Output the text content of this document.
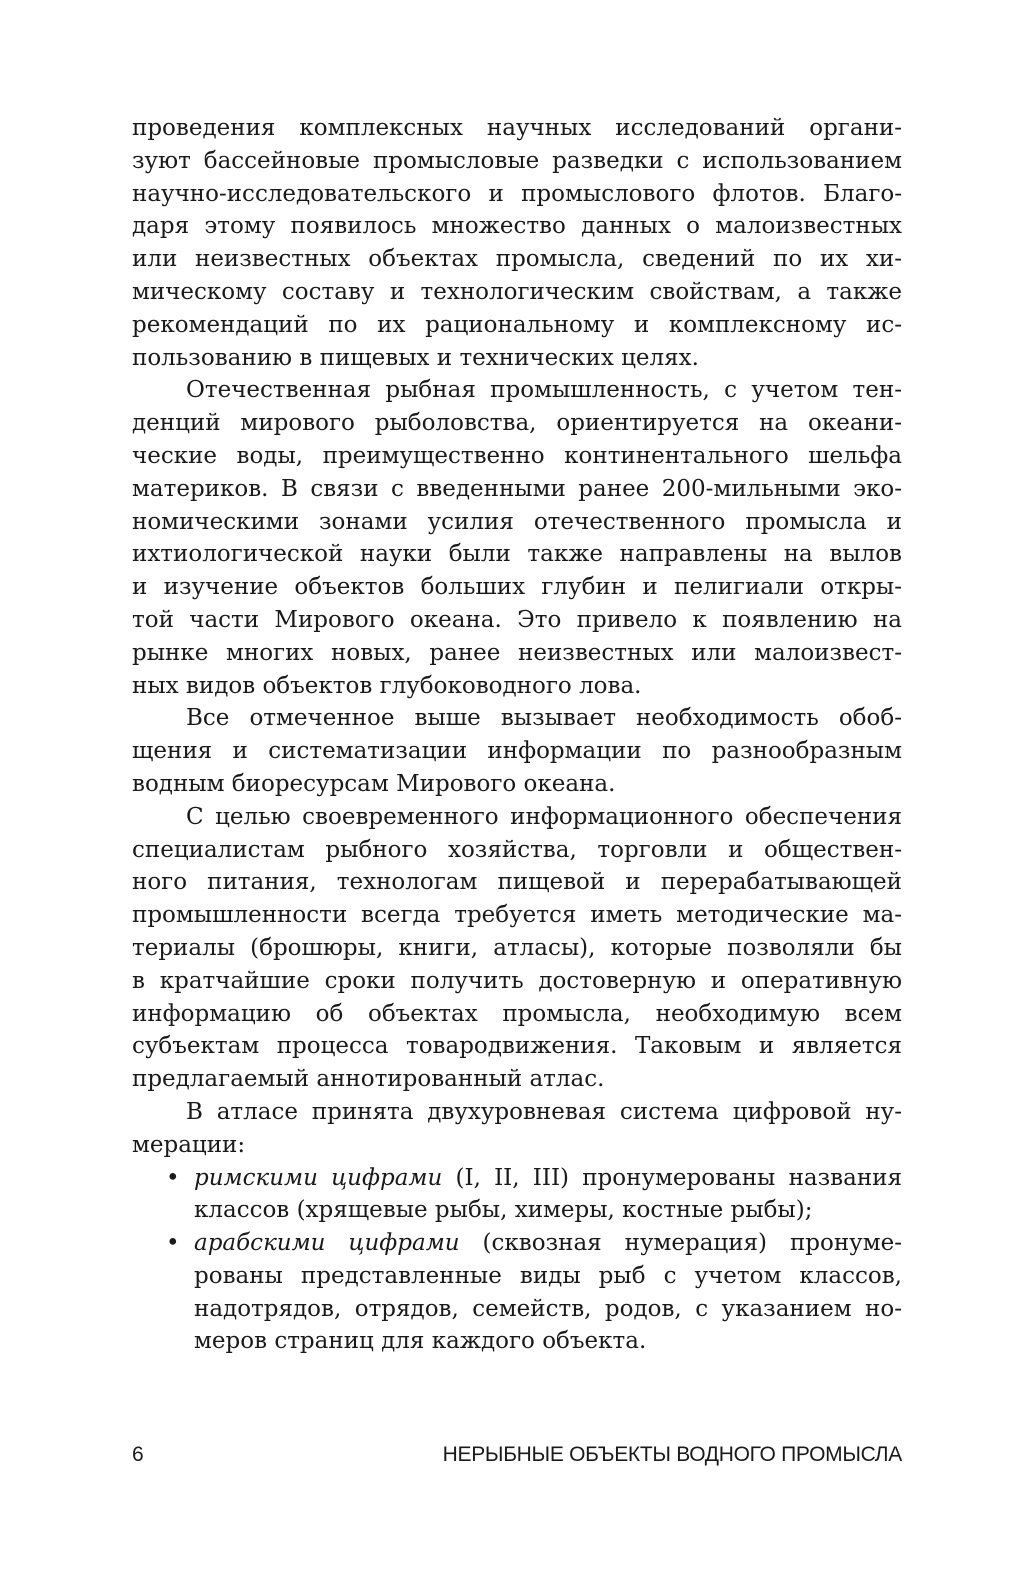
проведения комплексных научных исследований органи-
зуют бассейновые промысловые разведки с использованием
научно-исследовательского и промыслового флотов. Благо-
даря этому появилось множество данных о малоизвестных
или неизвестных объектах промысла, сведений по их хи-
мическому составу и технологическим свойствам, а также
рекомендаций по их рациональному и комплексному ис-
пользованию в пищевых и технических целях.
Отечественная рыбная промышленность, с учетом тен-
денций мирового рыболовства, ориентируется на океани-
ческие воды, преимущественно континентального шельфа
материков. В связи с введенными ранее 200-мильными эко-
номическими зонами усилия отечественного промысла и
ихтиологической науки были также направлены на вылов
и изучение объектов больших глубин и пелигиали откры-
той части Мирового океана. Это привело к появлению на
рынке многих новых, ранее неизвестных или малоизвест-
ных видов объектов глубоководного лова.
Все отмеченное выше вызывает необходимость обоб-
щения и систематизации информации по разнообразным
водным биоресурсам Мирового океана.
С целью своевременного информационного обеспечения
специалистам рыбного хозяйства, торговли и обществен-
ного питания, технологам пищевой и перерабатывающей
промышленности всегда требуется иметь методические ма-
териалы (брошюры, книги, атласы), которые позволяли бы
в кратчайшие сроки получить достоверную и оперативную
информацию об объектах промысла, необходимую всем
субъектам процесса товародвижения. Таковым и является
предлагаемый аннотированный атлас.
В атласе принята двухуровневая система цифровой ну-
мерации:
• римскими цифрами (I, II, III) пронумерованы названия
классов (хрящевые рыбы, химеры, костные рыбы);
• арабскими цифрами (сквозная нумерация) пронуме-
рованы представленные виды рыб с учетом классов,
надотрядов, отрядов, семейств, родов, с указанием но-
меров страниц для каждого объекта.
6	НЕРЫБНЫЕ ОБЪЕКТЫ ВОДНОГО ПРОМЫСЛА
